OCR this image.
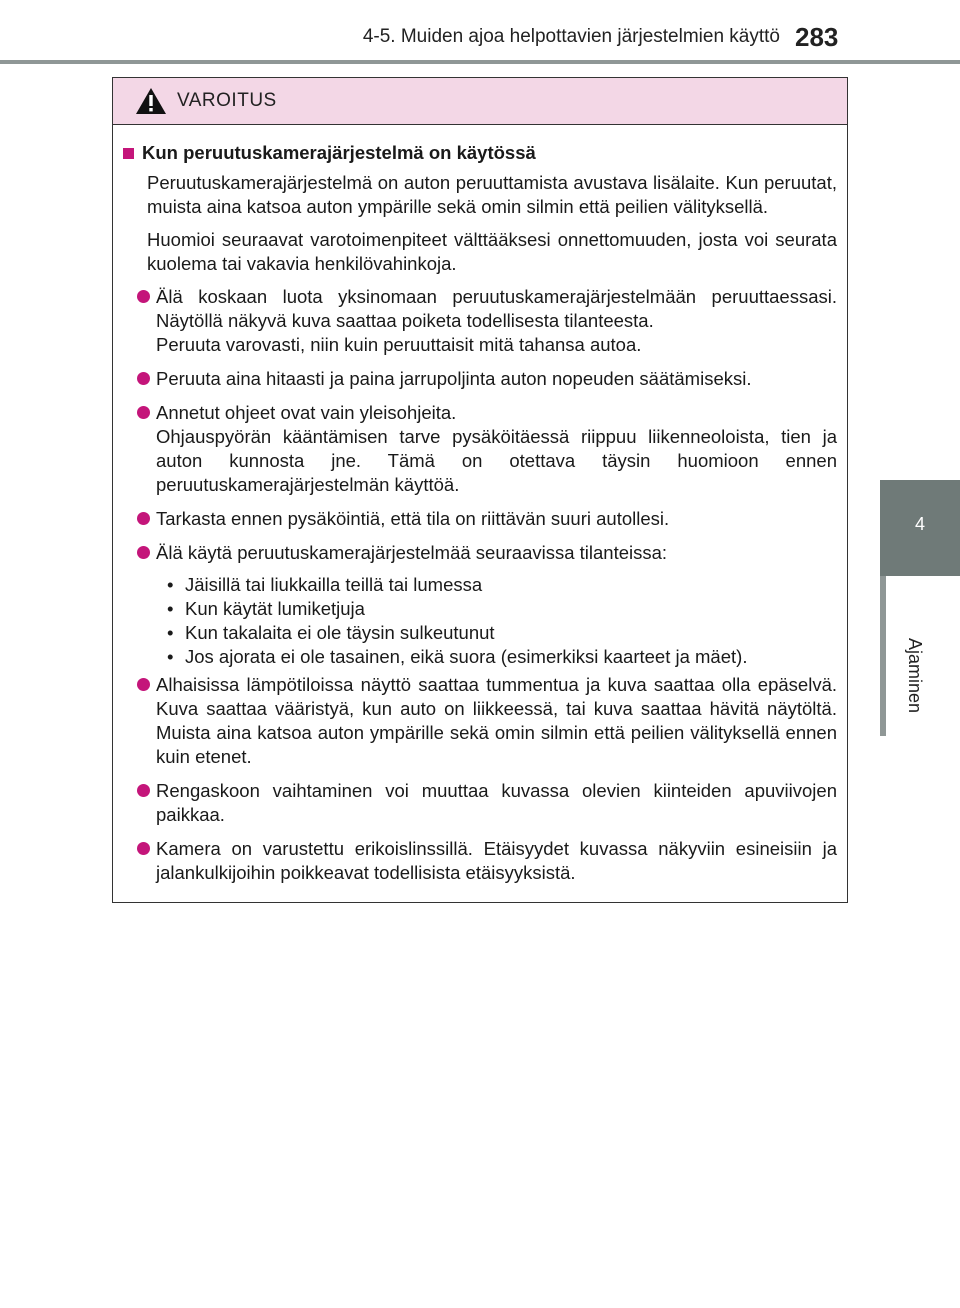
4-5. Muiden ajoa helpottavien järjestelmien käyttö 283
4
Ajaminen
VAROITUS
Kun peruutuskamerajärjestelmä on käytössä

Peruutuskamerajärjestelmä on auton peruuttamista avustava lisälaite. Kun peruutat, muista aina katsoa auton ympärille sekä omin silmin että peilien välityksellä.

Huomioi seuraavat varotoimenpiteet välttääksesi onnettomuuden, josta voi seurata kuolema tai vakavia henkilövahinkoja.

Älä koskaan luota yksinomaan peruutuskamerajärjestelmään peruuttaessasi. Näytöllä näkyvä kuva saattaa poiketa todellisesta tilanteesta.
Peruuta varovasti, niin kuin peruuttaisit mitä tahansa autoa.
Peruuta aina hitaasti ja paina jarrupoljinta auton nopeuden säätämiseksi.
Annetut ohjeet ovat vain yleisohjeita.
Ohjauspyörän kääntämisen tarve pysäköitäessä riippuu liikenneoloista, tien ja auton kunnosta jne. Tämä on otettava täysin huomioon ennen peruutuskamerajärjestelmän käyttöä.
Tarkasta ennen pysäköintiä, että tila on riittävän suuri autollesi.
Älä käytä peruutuskamerajärjestelmää seuraavissa tilanteissa:
• Jäisillä tai liukkailla teillä tai lumessa
• Kun käytät lumiketjuja
• Kun takalaita ei ole täysin sulkeutunut
• Jos ajorata ei ole tasainen, eikä suora (esimerkiksi kaarteet ja mäet).
Alhaisissa lämpötiloissa näyttö saattaa tummentua ja kuva saattaa olla epäselvä. Kuva saattaa vääristyä, kun auto on liikkeessä, tai kuva saattaa hävitä näytöltä. Muista aina katsoa auton ympärille sekä omin silmin että peilien välityksellä ennen kuin etenet.
Rengaskoon vaihtaminen voi muuttaa kuvassa olevien kiinteiden apuviivojen paikkaa.
Kamera on varustettu erikoislinssillä. Etäisyydet kuvassa näkyviin esineisiin ja jalankulkijoihin poikkeavat todellisista etäisyyksistä.
